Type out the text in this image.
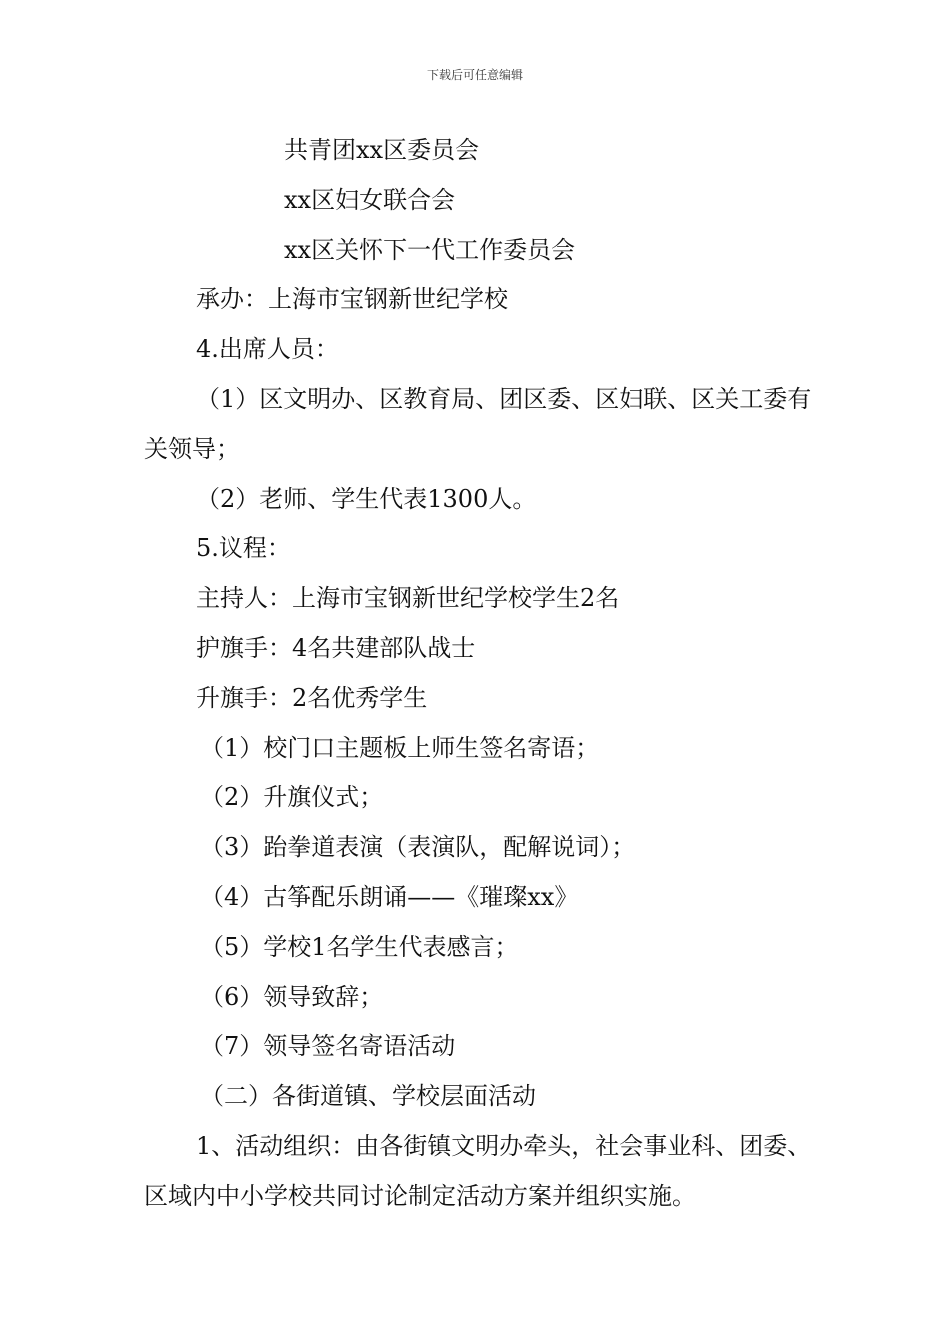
下载后可任意编辑
共青团xx区委员会
xx区妇女联合会
xx区关怀下一代工作委员会
承办：上海市宝钢新世纪学校
4.出席人员：
（1）区文明办、区教育局、团区委、区妇联、区关工委有关领导；
（2）老师、学生代表1300人。
5.议程：
主持人：上海市宝钢新世纪学校学生2名
护旗手：4名共建部队战士
升旗手：2名优秀学生
（1）校门口主题板上师生签名寄语；
（2）升旗仪式；
（3）跆拳道表演（表演队，配解说词）；
（4）古筝配乐朗诵——《璀璨xx》
（5）学校1名学生代表感言；
（6）领导致辞；
（7）领导签名寄语活动
（二）各街道镇、学校层面活动
1、活动组织：由各街镇文明办牵头，社会事业科、团委、区域内中小学校共同讨论制定活动方案并组织实施。
